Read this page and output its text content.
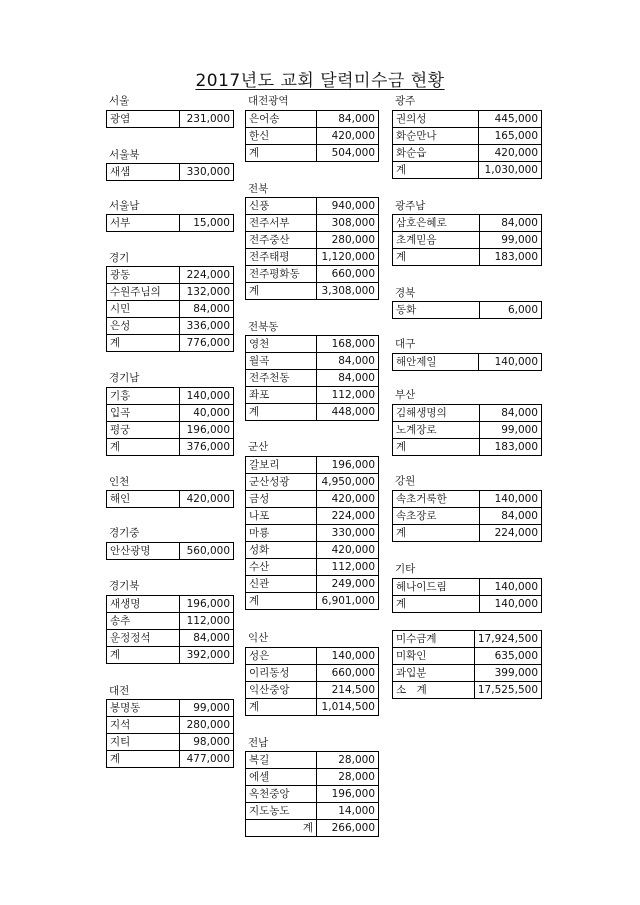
2017년도 교회 달력미수금 현황
서울
광염	231,000
서울북
새샘	330,000
서울남
서부	15,000
경기
광동	224,000
수원주님의	132,000
시민	84,000
은성	336,000
계	776,000
경기남
기흥	140,000
입곡	40,000
평궁	196,000
계	376,000
인천
해인	420,000
경기중
안산광명	560,000
경기북
새생명	196,000
송추	112,000
운정정석	84,000
계	392,000
대전
봉명동	99,000
지석	280,000
지티	98,000
계	477,000
대전광역
은어송	84,000
한신	420,000
계	504,000
전북
신풍	940,000
전주서부	308,000
전주중산	280,000
전주태평	1,120,000
전주평화동	660,000
계	3,308,000
전북동
영천	168,000
월곡	84,000
전주천동	84,000
좌포	112,000
계	448,000
군산
갈보리	196,000
군산성광	4,950,000
금성	420,000
나포	224,000
마룡	330,000
성화	420,000
수산	112,000
신관	249,000
계	6,901,000
익산
성은	140,000
이리동성	660,000
익산중앙	214,500
계	1,014,500
전남
복길	28,000
에셀	28,000
옥천중앙	196,000
지도농도	14,000
계	266,000
광주
권의성	445,000
화순만나	165,000
화순읍	420,000
계	1,030,000
광주남
삼호은혜로	84,000
초계믿음	99,000
계	183,000
경북
동화	6,000
대구
해안제일	140,000
부산
김해생명의	84,000
노계장로	99,000
계	183,000
강원
속초거룩한	140,000
속초장로	84,000
계	224,000
기타
헤나이드림	140,000
계	140,000
미수금계	17,924,500
미확인	635,000
과입분	399,000
소　계	17,525,500
